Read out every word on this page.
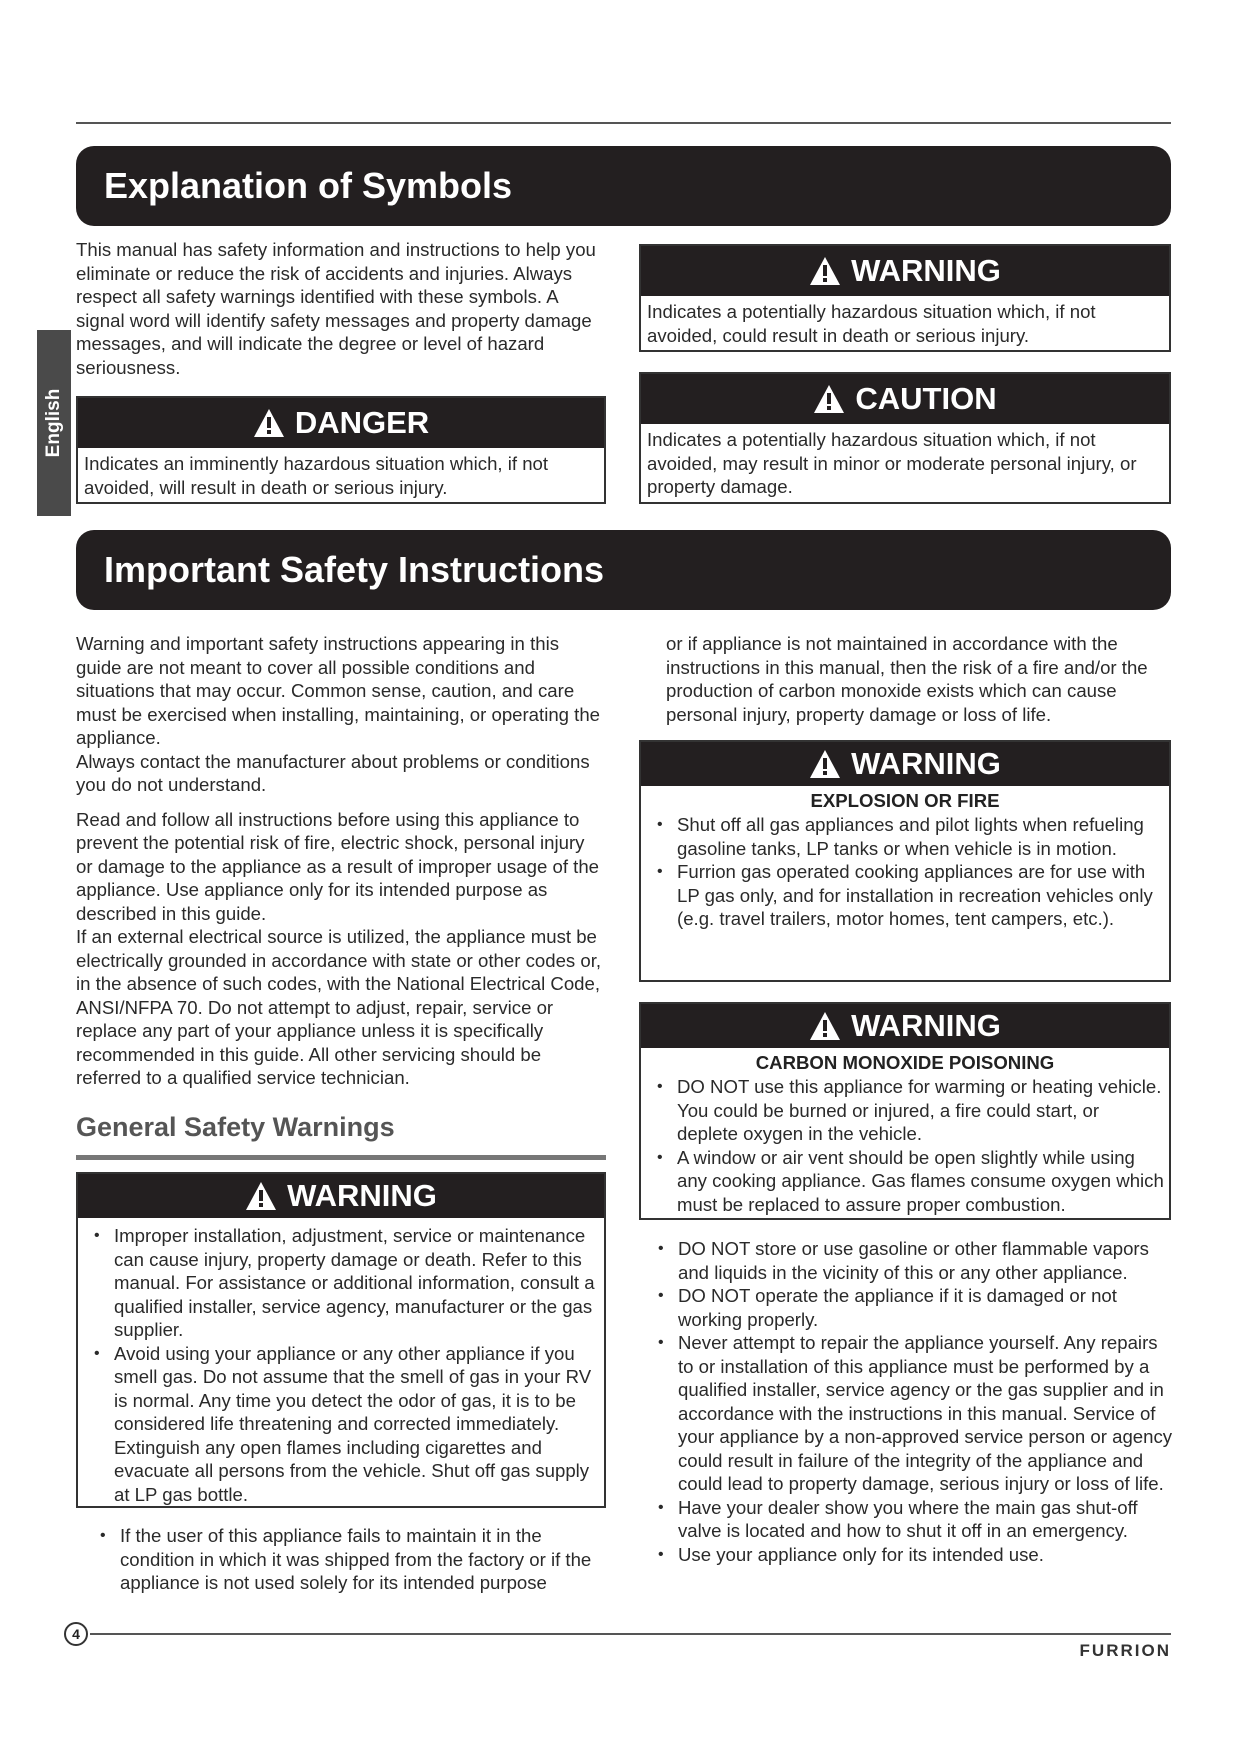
Explanation of Symbols
English
This manual has safety information and instructions to help you eliminate or reduce the risk of accidents and injuries. Always respect all safety warnings identified with these symbols. A signal word will identify safety messages and property damage messages, and will indicate the degree or level of hazard seriousness.
DANGER
Indicates an imminently hazardous situation which, if not avoided, will result in death or serious injury.
WARNING
Indicates a potentially hazardous situation which, if not avoided, could result in death or serious injury.
CAUTION
Indicates a potentially hazardous situation which, if not avoided, may result in minor or moderate personal injury, or property damage.
Important Safety Instructions
Warning and important safety instructions appearing in this guide are not meant to cover all possible conditions and situations that may occur. Common sense, caution, and care must be exercised when installing, maintaining, or operating the appliance.
Always contact the manufacturer about problems or conditions you do not understand.
Read and follow all instructions before using this appliance to prevent the potential risk of fire, electric shock, personal injury or damage to the appliance as a result of improper usage of the appliance. Use appliance only for its intended purpose as described in this guide.
If an external electrical source is utilized, the appliance must be electrically grounded in accordance with state or other codes or, in the absence of such codes, with the National Electrical Code, ANSI/NFPA 70. Do not attempt to adjust, repair, service or replace any part of your appliance unless it is specifically recommended in this guide. All other servicing should be referred to a qualified service technician.
General Safety Warnings
WARNING
• Improper installation, adjustment, service or maintenance can cause injury, property damage or death. Refer to this manual. For assistance or additional information, consult a qualified installer, service agency, manufacturer or the gas supplier.
• Avoid using your appliance or any other appliance if you smell gas. Do not assume that the smell of gas in your RV is normal. Any time you detect the odor of gas, it is to be considered life threatening and corrected immediately. Extinguish any open flames including cigarettes and evacuate all persons from the vehicle. Shut off gas supply at LP gas bottle.
• If the user of this appliance fails to maintain it in the condition in which it was shipped from the factory or if the appliance is not used solely for its intended purpose
or if appliance is not maintained in accordance with the instructions in this manual, then the risk of a fire and/or the production of carbon monoxide exists which can cause personal injury, property damage or loss of life.
WARNING
EXPLOSION OR FIRE
• Shut off all gas appliances and pilot lights when refueling gasoline tanks, LP tanks or when vehicle is in motion.
• Furrion gas operated cooking appliances are for use with LP gas only, and for installation in recreation vehicles only (e.g. travel trailers, motor homes, tent campers, etc.).
WARNING
CARBON MONOXIDE POISONING
• DO NOT use this appliance for warming or heating vehicle. You could be burned or injured, a fire could start, or deplete oxygen in the vehicle.
• A window or air vent should be open slightly while using any cooking appliance. Gas flames consume oxygen which must be replaced to assure proper combustion.
• DO NOT store or use gasoline or other flammable vapors and liquids in the vicinity of this or any other appliance.
• DO NOT operate the appliance if it is damaged or not working properly.
• Never attempt to repair the appliance yourself. Any repairs to or installation of this appliance must be performed by a qualified installer, service agency or the gas supplier and in accordance with the instructions in this manual. Service of your appliance by a non-approved service person or agency could result in failure of the integrity of the appliance and could lead to property damage, serious injury or loss of life.
• Have your dealer show you where the main gas shut-off valve is located and how to shut it off in an emergency.
• Use your appliance only for its intended use.
4
FURRION
